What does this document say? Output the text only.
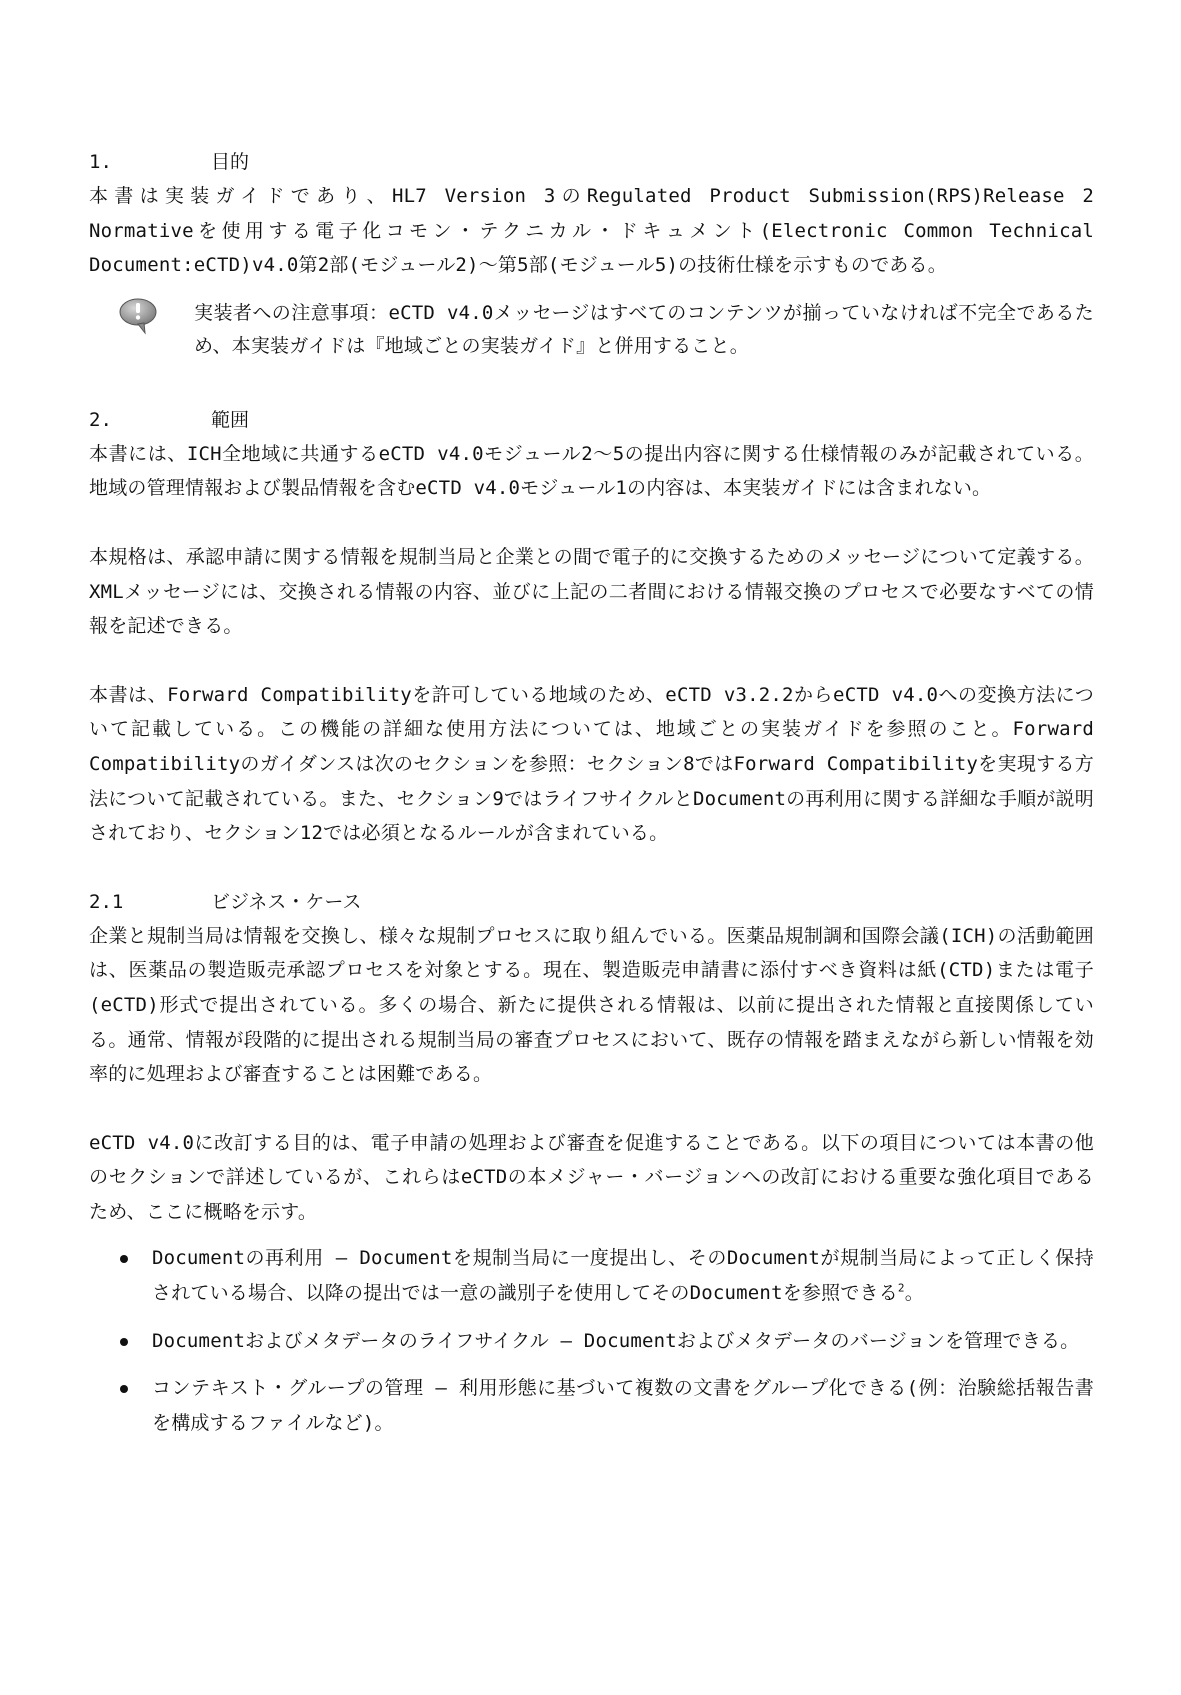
1.	目的

本書は実装ガイドであり、HL7 Version 3のRegulated Product Submission(RPS)Release 2 Normativeを使用する電子化コモン・テクニカル・ドキュメント(Electronic Common Technical Document:eCTD)v4.0第2部(モジュール2)〜第5部(モジュール5)の技術仕様を示すものである。

実装者への注意事項：eCTD v4.0メッセージはすべてのコンテンツが揃っていなければ不完全であるため、本実装ガイドは『地域ごとの実装ガイド』と併用すること。
2.	範囲

本書には、ICH全地域に共通するeCTD v4.0モジュール2〜5の提出内容に関する仕様情報のみが記載されている。地域の管理情報および製品情報を含むeCTD v4.0モジュール1の内容は、本実装ガイドには含まれない。

本規格は、承認申請に関する情報を規制当局と企業との間で電子的に交換するためのメッセージについて定義する。XMLメッセージには、交換される情報の内容、並びに上記の二者間における情報交換のプロセスで必要なすべての情報を記述できる。

本書は、Forward Compatibilityを許可している地域のため、eCTD v3.2.2からeCTD v4.0への変換方法について記載している。この機能の詳細な使用方法については、地域ごとの実装ガイドを参照のこと。Forward Compatibilityのガイダンスは次のセクションを参照：セクション8ではForward Compatibilityを実現する方法について記載されている。また、セクション9ではライフサイクルとDocumentの再利用に関する詳細な手順が説明されており、セクション12では必須となるルールが含まれている。

2.1	ビジネス・ケース

企業と規制当局は情報を交換し、様々な規制プロセスに取り組んでいる。医薬品規制調和国際会議(ICH)の活動範囲は、医薬品の製造販売承認プロセスを対象とする。現在、製造販売申請書に添付すべき資料は紙(CTD)または電子(eCTD)形式で提出されている。多くの場合、新たに提供される情報は、以前に提出された情報と直接関係している。通常、情報が段階的に提出される規制当局の審査プロセスにおいて、既存の情報を踏まえながら新しい情報を効率的に処理および審査することは困難である。

eCTD v4.0に改訂する目的は、電子申請の処理および審査を促進することである。以下の項目については本書の他のセクションで詳述しているが、これらはeCTDの本メジャー・バージョンへの改訂における重要な強化項目であるため、ここに概略を示す。

Documentの再利用 – Documentを規制当局に一度提出し、そのDocumentが規制当局によって正しく保持されている場合、以降の提出では一意の識別子を使用してそのDocumentを参照できる$^2$。
Documentおよびメタデータのライフサイクル – Documentおよびメタデータのバージョンを管理できる。
コンテキスト・グループの管理 – 利用形態に基づいて複数の文書をグループ化できる(例：治験総括報告書を構成するファイルなど)。
